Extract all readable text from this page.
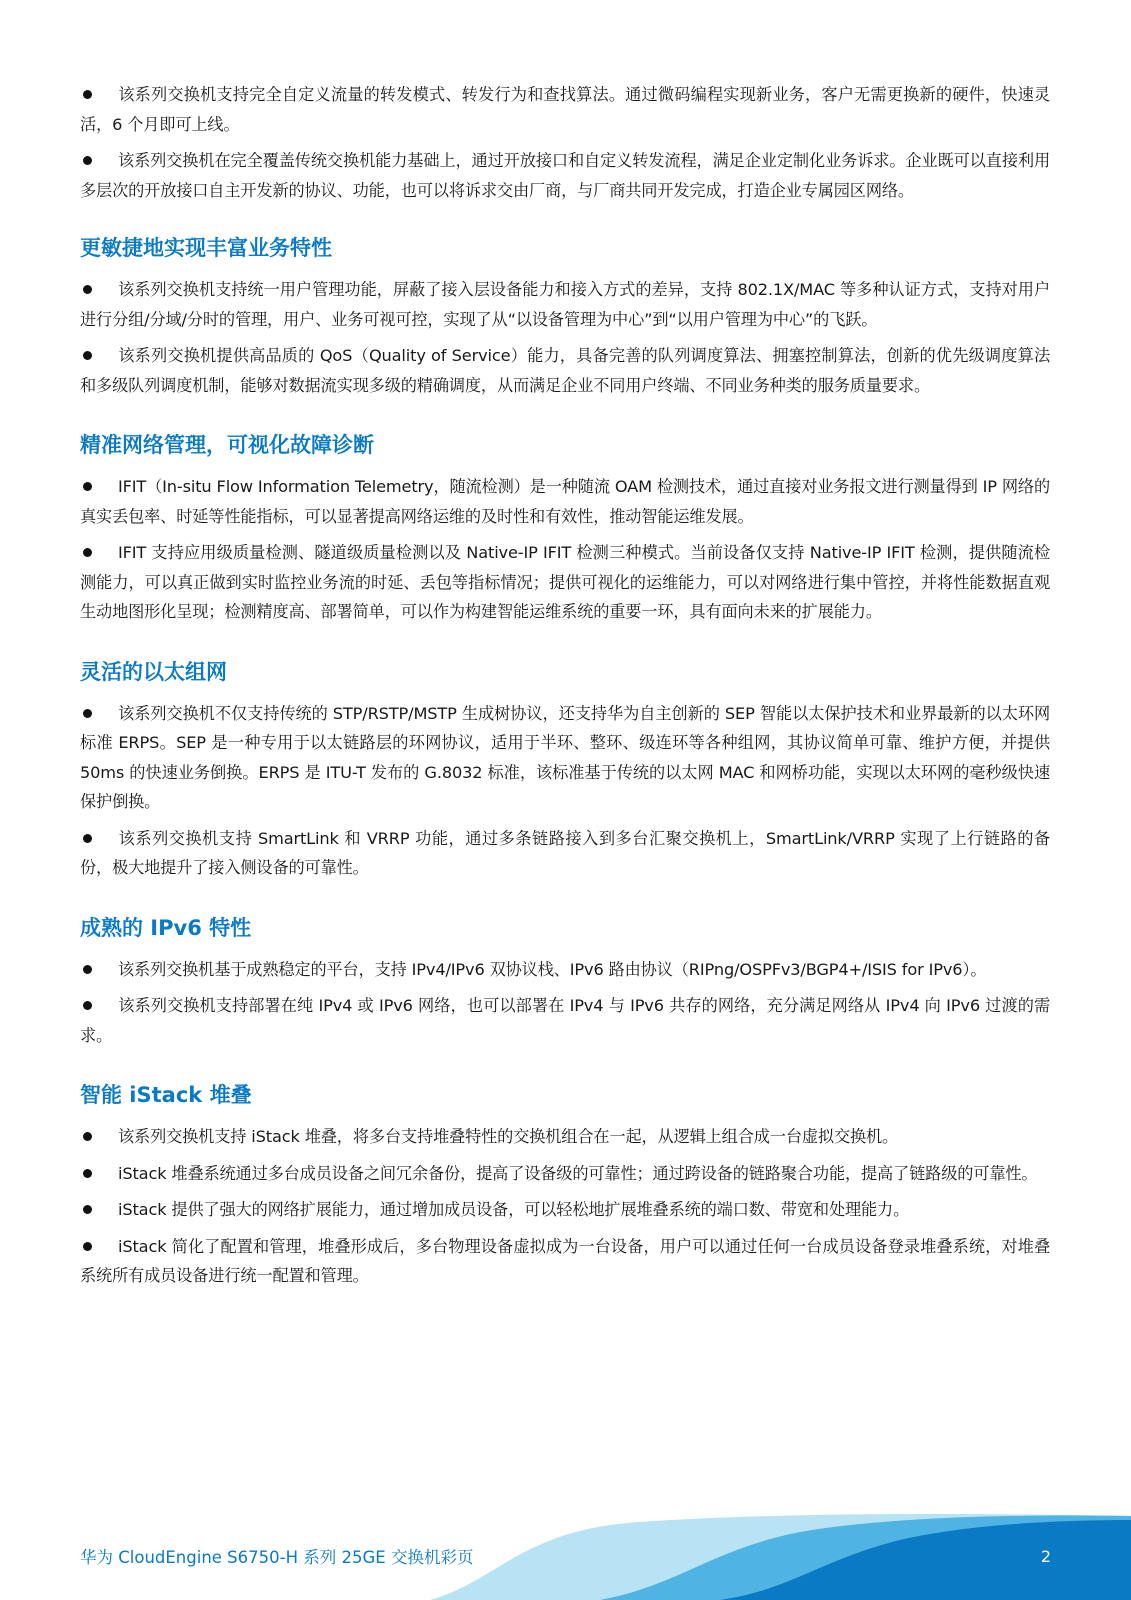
该系列交换机支持完全自定义流量的转发模式、转发行为和查找算法。通过微码编程实现新业务，客户无需更换新的硬件，快速灵活，6 个月即可上线。

该系列交换机在完全覆盖传统交换机能力基础上，通过开放接口和自定义转发流程，满足企业定制化业务诉求。企业既可以直接利用多层次的开放接口自主开发新的协议、功能，也可以将诉求交由厂商，与厂商共同开发完成，打造企业专属园区网络。

更敏捷地实现丰富业务特性

该系列交换机支持统一用户管理功能，屏蔽了接入层设备能力和接入方式的差异，支持 802.1X/MAC 等多种认证方式，支持对用户进行分组/分域/分时的管理，用户、业务可视可控，实现了从“以设备管理为中心”到“以用户管理为中心”的飞跃。

该系列交换机提供高品质的 QoS（Quality of Service）能力，具备完善的队列调度算法、拥塞控制算法，创新的优先级调度算法和多级队列调度机制，能够对数据流实现多级的精确调度，从而满足企业不同用户终端、不同业务种类的服务质量要求。

精准网络管理，可视化故障诊断

IFIT（In-situ Flow Information Telemetry，随流检测）是一种随流 OAM 检测技术，通过直接对业务报文进行测量得到 IP 网络的真实丢包率、时延等性能指标，可以显著提高网络运维的及时性和有效性，推动智能运维发展。

IFIT 支持应用级质量检测、隧道级质量检测以及 Native-IP IFIT 检测三种模式。当前设备仅支持 Native-IP IFIT 检测，提供随流检测能力，可以真正做到实时监控业务流的时延、丢包等指标情况；提供可视化的运维能力，可以对网络进行集中管控，并将性能数据直观生动地图形化呈现；检测精度高、部署简单，可以作为构建智能运维系统的重要一环，具有面向未来的扩展能力。

灵活的以太组网

该系列交换机不仅支持传统的 STP/RSTP/MSTP 生成树协议，还支持华为自主创新的 SEP 智能以太保护技术和业界最新的以太环网标准 ERPS。SEP 是一种专用于以太链路层的环网协议，适用于半环、整环、级连环等各种组网，其协议简单可靠、维护方便，并提供 50ms 的快速业务倒换。ERPS 是 ITU-T 发布的 G.8032 标准，该标准基于传统的以太网 MAC 和网桥功能，实现以太环网的毫秒级快速保护倒换。

该系列交换机支持 SmartLink 和 VRRP 功能，通过多条链路接入到多台汇聚交换机上，SmartLink/VRRP 实现了上行链路的备份，极大地提升了接入侧设备的可靠性。

成熟的 IPv6 特性

该系列交换机基于成熟稳定的平台，支持 IPv4/IPv6 双协议栈、IPv6 路由协议（RIPng/OSPFv3/BGP4+/ISIS for IPv6）。

该系列交换机支持部署在纯 IPv4 或 IPv6 网络，也可以部署在 IPv4 与 IPv6 共存的网络，充分满足网络从 IPv4 向 IPv6 过渡的需求。

智能 iStack 堆叠

该系列交换机支持 iStack 堆叠，将多台支持堆叠特性的交换机组合在一起，从逻辑上组合成一台虚拟交换机。

iStack 堆叠系统通过多台成员设备之间冗余备份，提高了设备级的可靠性；通过跨设备的链路聚合功能，提高了链路级的可靠性。

iStack 提供了强大的网络扩展能力，通过增加成员设备，可以轻松地扩展堆叠系统的端口数、带宽和处理能力。

iStack 简化了配置和管理，堆叠形成后，多台物理设备虚拟成为一台设备，用户可以通过任何一台成员设备登录堆叠系统，对堆叠系统所有成员设备进行统一配置和管理。

华为 CloudEngine S6750-H 系列 25GE 交换机彩页	2
